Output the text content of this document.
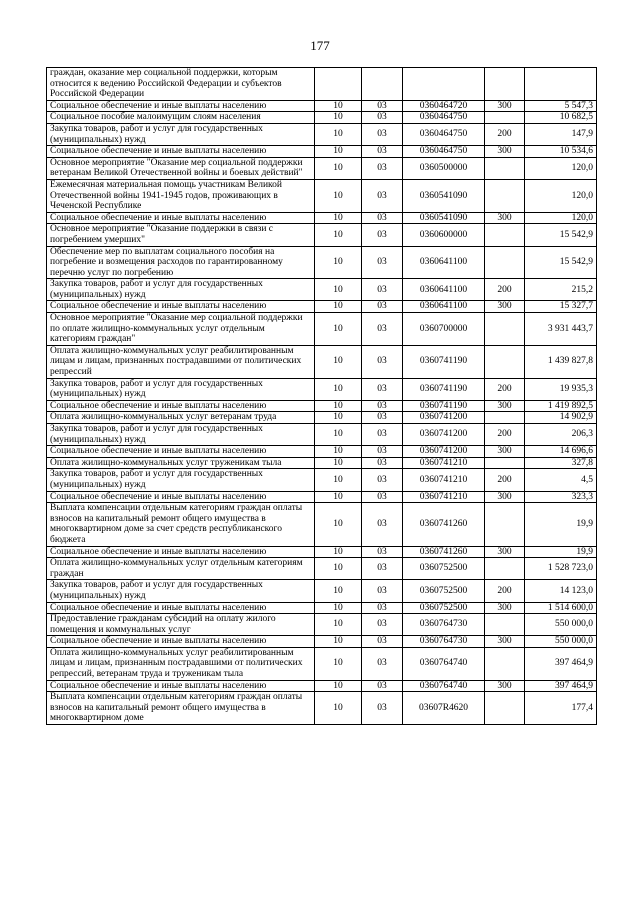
177
граждан, оказание мер социальной поддержки, которым относится к ведению Российской Федерации и субъектов Российской Федерации					
Социальное обеспечение и иные выплаты населению	10	03	0360464720	300	5 547,3
Социальное пособие малоимущим слоям населения	10	03	0360464750		10 682,5
Закупка товаров, работ и услуг для государственных (муниципальных) нужд	10	03	0360464750	200	147,9
Социальное обеспечение и иные выплаты населению	10	03	0360464750	300	10 534,6
Основное мероприятие "Оказание мер социальной поддержки ветеранам Великой Отечественной войны и боевых действий"	10	03	0360500000		120,0
Ежемесячная материальная помощь участникам Великой Отечественной войны 1941-1945 годов, проживающих в Чеченской Республике	10	03	0360541090		120,0
Социальное обеспечение и иные выплаты населению	10	03	0360541090	300	120,0
Основное мероприятие "Оказание поддержки в связи с погребением умерших"	10	03	0360600000		15 542,9
Обеспечение мер по выплатам социального пособия на погребение и возмещения расходов по гарантированному перечню услуг по погребению	10	03	0360641100		15 542,9
Закупка товаров, работ и услуг для государственных (муниципальных) нужд	10	03	0360641100	200	215,2
Социальное обеспечение и иные выплаты населению	10	03	0360641100	300	15 327,7
Основное мероприятие "Оказание мер социальной поддержки по оплате жилищно-коммунальных услуг отдельным категориям граждан"	10	03	0360700000		3 931 443,7
Оплата жилищно-коммунальных услуг реабилитированным лицам и лицам, признанных пострадавшими от политических репрессий	10	03	0360741190		1 439 827,8
Закупка товаров, работ и услуг для государственных (муниципальных) нужд	10	03	0360741190	200	19 935,3
Социальное обеспечение и иные выплаты населению	10	03	0360741190	300	1 419 892,5
Оплата жилищно-коммунальных услуг ветеранам труда	10	03	0360741200		14 902,9
Закупка товаров, работ и услуг для государственных (муниципальных) нужд	10	03	0360741200	200	206,3
Социальное обеспечение и иные выплаты населению	10	03	0360741200	300	14 696,6
Оплата жилищно-коммунальных услуг труженикам тыла	10	03	0360741210		327,8
Закупка товаров, работ и услуг для государственных (муниципальных) нужд	10	03	0360741210	200	4,5
Социальное обеспечение и иные выплаты населению	10	03	0360741210	300	323,3
Выплата компенсации отдельным категориям граждан оплаты взносов на капитальный ремонт общего имущества в многоквартирном доме за счет средств республиканского бюджета	10	03	0360741260		19,9
Социальное обеспечение и иные выплаты населению	10	03	0360741260	300	19,9
Оплата жилищно-коммунальных услуг отдельным категориям граждан	10	03	0360752500		1 528 723,0
Закупка товаров, работ и услуг для государственных (муниципальных) нужд	10	03	0360752500	200	14 123,0
Социальное обеспечение и иные выплаты населению	10	03	0360752500	300	1 514 600,0
Предоставление гражданам субсидий на оплату жилого помещения и коммунальных услуг	10	03	0360764730		550 000,0
Социальное обеспечение и иные выплаты населению	10	03	0360764730	300	550 000,0
Оплата жилищно-коммунальных услуг реабилитированным лицам и лицам, признанным пострадавшими от политических репрессий, ветеранам труда и труженикам тыла	10	03	0360764740		397 464,9
Социальное обеспечение и иные выплаты населению	10	03	0360764740	300	397 464,9
Выплата компенсации отдельным категориям граждан оплаты взносов на капитальный ремонт общего имущества в многоквартирном доме	10	03	03607R4620		177,4
